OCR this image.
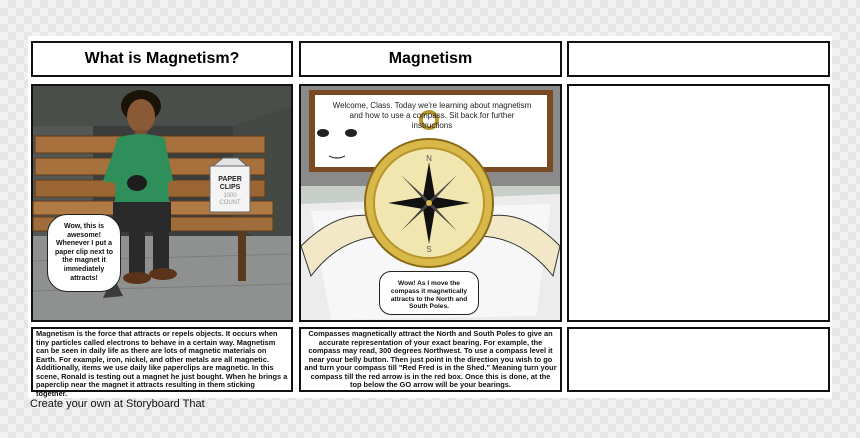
What is Magnetism?	Magnetism
PAPER
CLIPS
1000
COUNT
Wow, this is awesome! Whenever I put a paper clip next to the magnet it immediately attracts!
N
S
Welcome, Class. Today we're learning about magnetism and how to use a compass. Sit back for further instructions
Wow! As I move the compass it magnetically attracts to the North and South Poles.
Magnetism is the force that attracts or repels objects. It occurs when tiny particles called electrons to behave in a certain way. Magnetism can be seen in daily life as there are lots of magnetic materials on Earth. For example, iron, nickel, and other metals are all magnetic. Additionally, items we use daily like paperclips are magnetic. In this scene, Ronald is testing out a magnet he just bought. When he brings a paperclip near the magnet it attracts resulting in them sticking together.
Compasses magnetically attract the North and South Poles to give an accurate representation of your exact bearing. For example, the compass may read, 300 degrees Northwest. To use a compass level it near your belly button. Then just point in the direction you wish to go and turn your compass till "Red Fred is in the Shed." Meaning turn your compass till the red arrow is in the red box. Once this is done, at the top below the GO arrow will be your bearings.
Create your own at Storyboard That
